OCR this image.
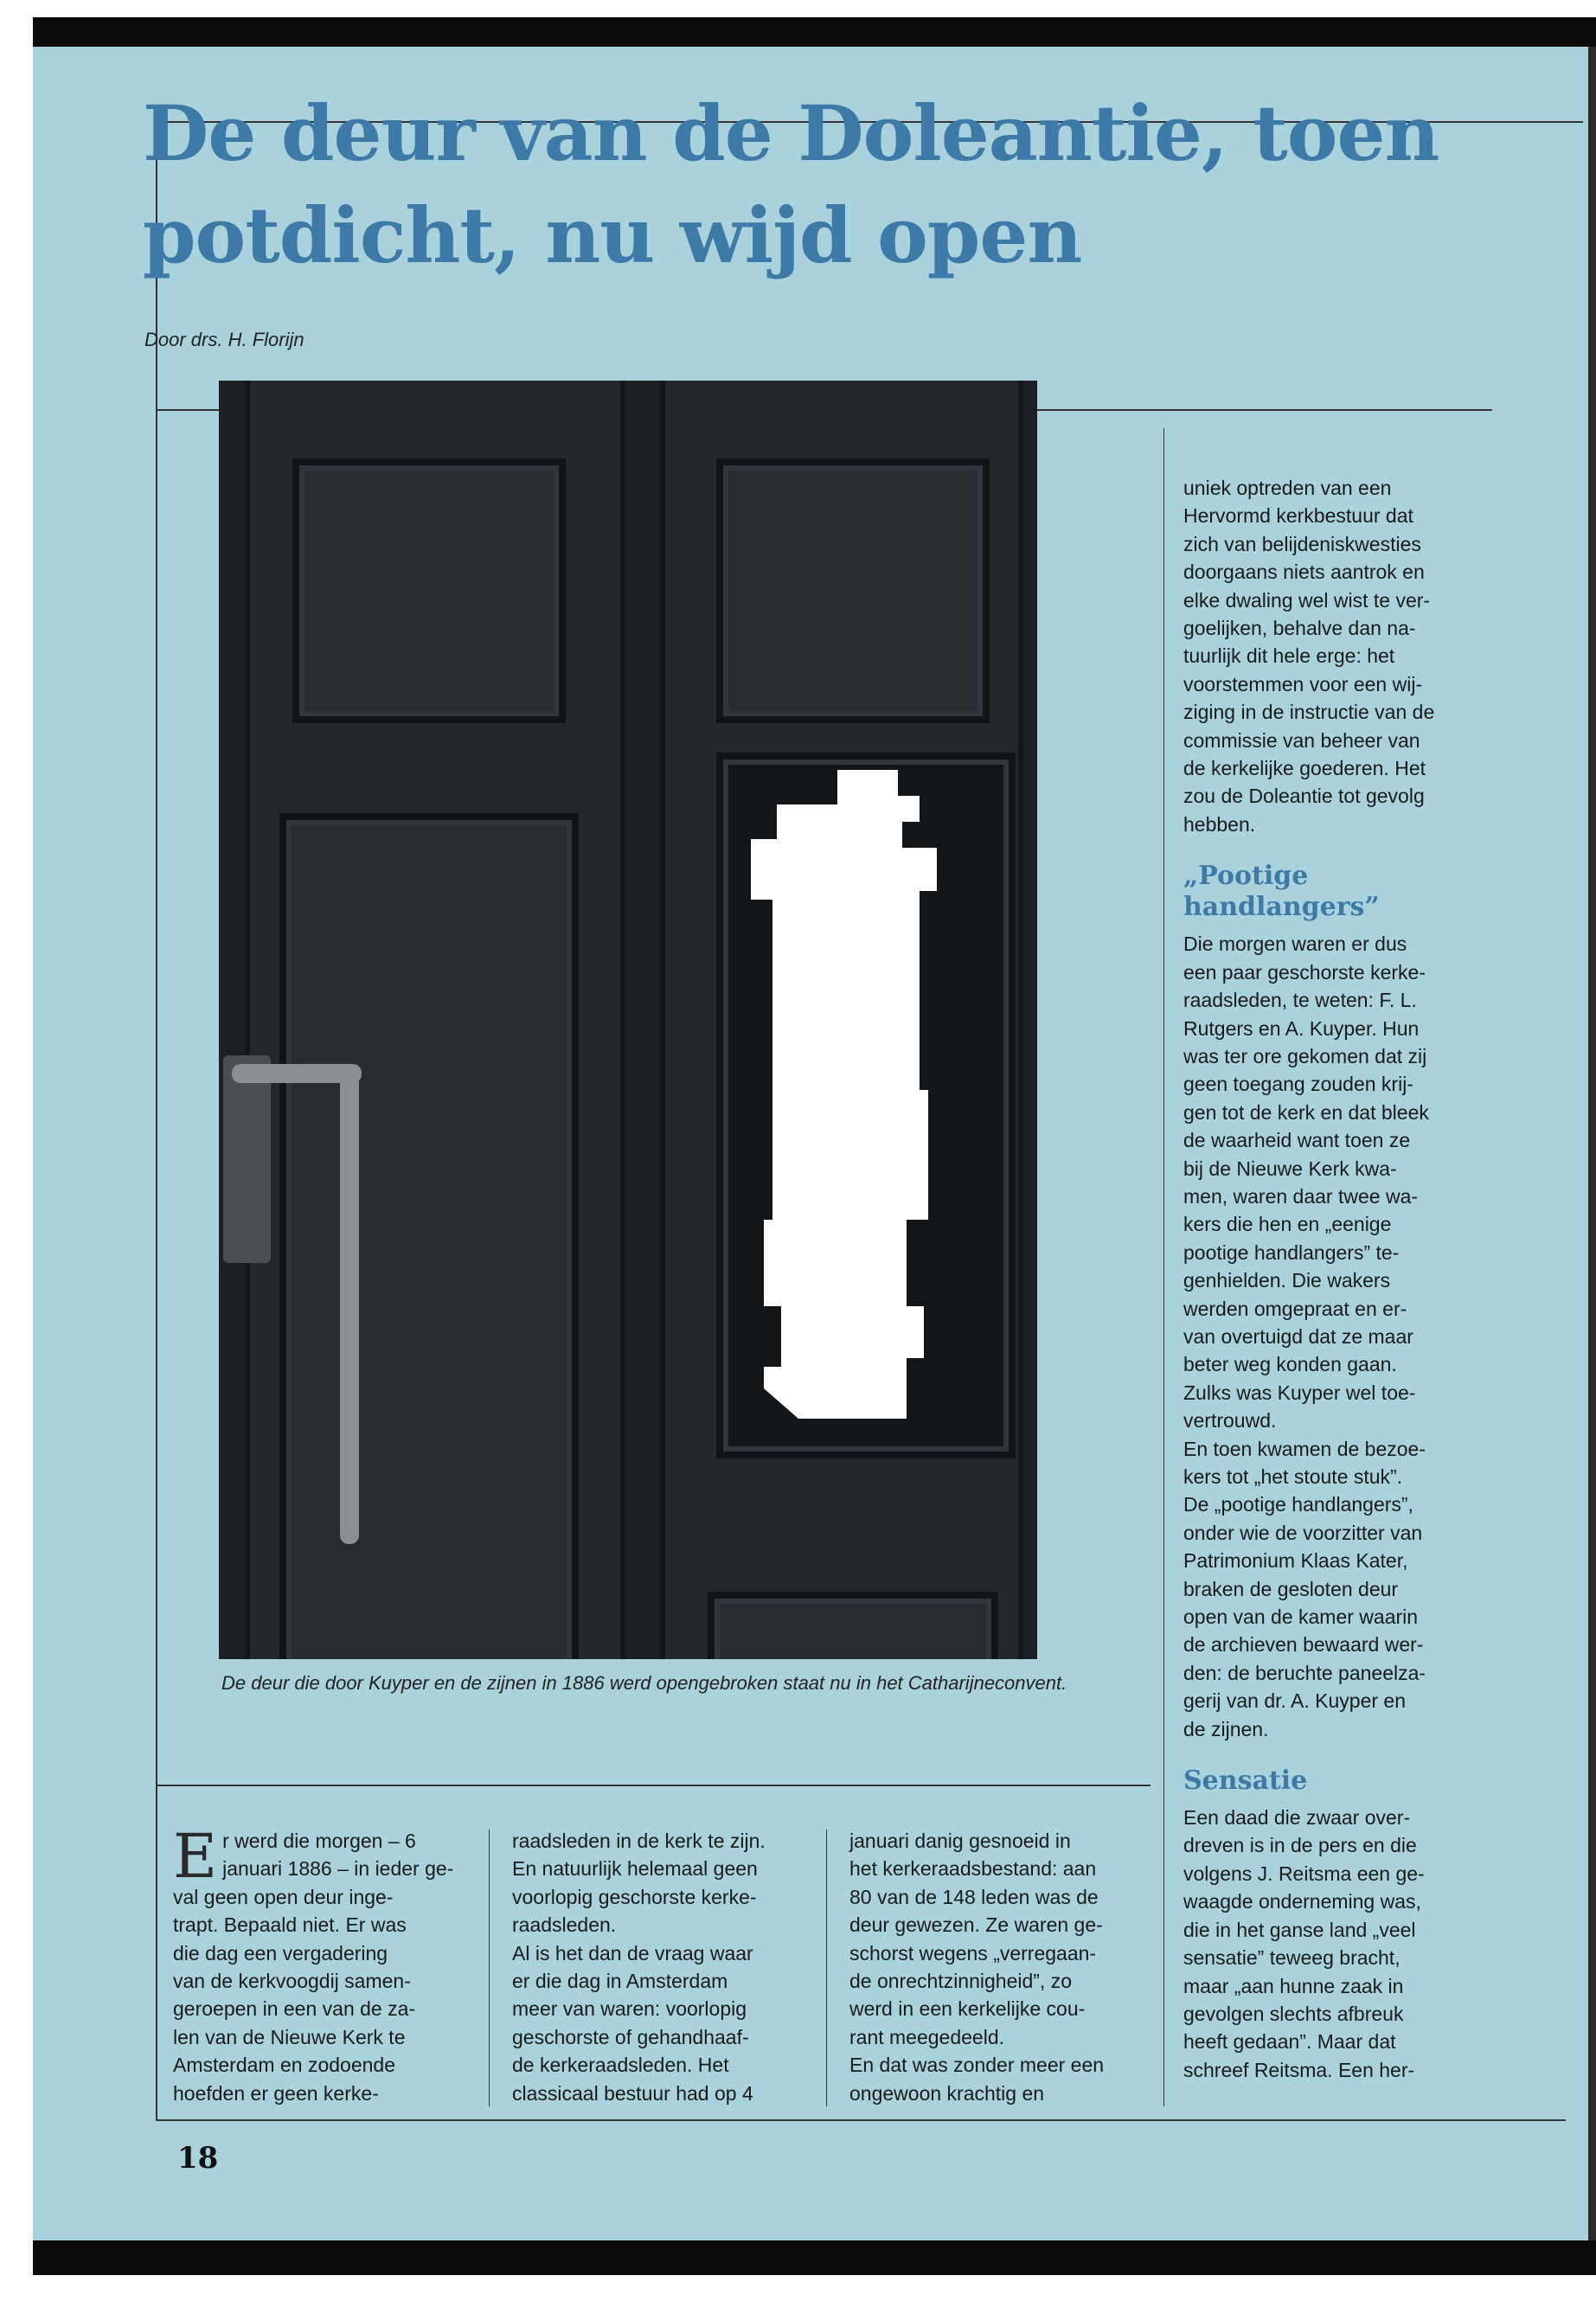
De deur van de Doleantie, toen potdicht, nu wijd open
Door drs. H. Florijn
De deur die door Kuyper en de zijnen in 1886 werd opengebroken staat nu in het Catharijneconvent.
E r werd die morgen – 6
januari 1886 – in ieder ge-
val geen open deur inge-
trapt. Bepaald niet. Er was
die dag een vergadering
van de kerkvoogdij samen-
geroepen in een van de za-
len van de Nieuwe Kerk te
Amsterdam en zodoende
hoefden er geen kerke-

raadsleden in de kerk te zijn.
En natuurlijk helemaal geen
voorlopig geschorste kerke-
raadsleden.
Al is het dan de vraag waar
er die dag in Amsterdam
meer van waren: voorlopig
geschorste of gehandhaaf-
de kerkeraadsleden. Het
classicaal bestuur had op 4

januari danig gesnoeid in
het kerkeraadsbestand: aan
80 van de 148 leden was de
deur gewezen. Ze waren ge-
schorst wegens „verregaan-
de onrechtzinnigheid”, zo
werd in een kerkelijke cou-
rant meegedeeld.
En dat was zonder meer een
ongewoon krachtig en

uniek optreden van een
Hervormd kerkbestuur dat
zich van belijdeniskwesties
doorgaans niets aantrok en
elke dwaling wel wist te ver-
goelijken, behalve dan na-
tuurlijk dit hele erge: het
voorstemmen voor een wij-
ziging in de instructie van de
commissie van beheer van
de kerkelijke goederen. Het
zou de Doleantie tot gevolg
hebben.

„Pootige
handlangers”

Die morgen waren er dus
een paar geschorste kerke-
raadsleden, te weten: F. L.
Rutgers en A. Kuyper. Hun
was ter ore gekomen dat zij
geen toegang zouden krij-
gen tot de kerk en dat bleek
de waarheid want toen ze
bij de Nieuwe Kerk kwa-
men, waren daar twee wa-
kers die hen en „eenige
pootige handlangers” te-
genhielden. Die wakers
werden omgepraat en er-
van overtuigd dat ze maar
beter weg konden gaan.
Zulks was Kuyper wel toe-
vertrouwd.
En toen kwamen de bezoe-
kers tot „het stoute stuk”.
De „pootige handlangers”,
onder wie de voorzitter van
Patrimonium Klaas Kater,
braken de gesloten deur
open van de kamer waarin
de archieven bewaard wer-
den: de beruchte paneelza-
gerij van dr. A. Kuyper en
de zijnen.

Sensatie

Een daad die zwaar over-
dreven is in de pers en die
volgens J. Reitsma een ge-
waagde onderneming was,
die in het ganse land „veel
sensatie” teweeg bracht,
maar „aan hunne zaak in
gevolgen slechts afbreuk
heeft gedaan”. Maar dat
schreef Reitsma. Een her-

18
